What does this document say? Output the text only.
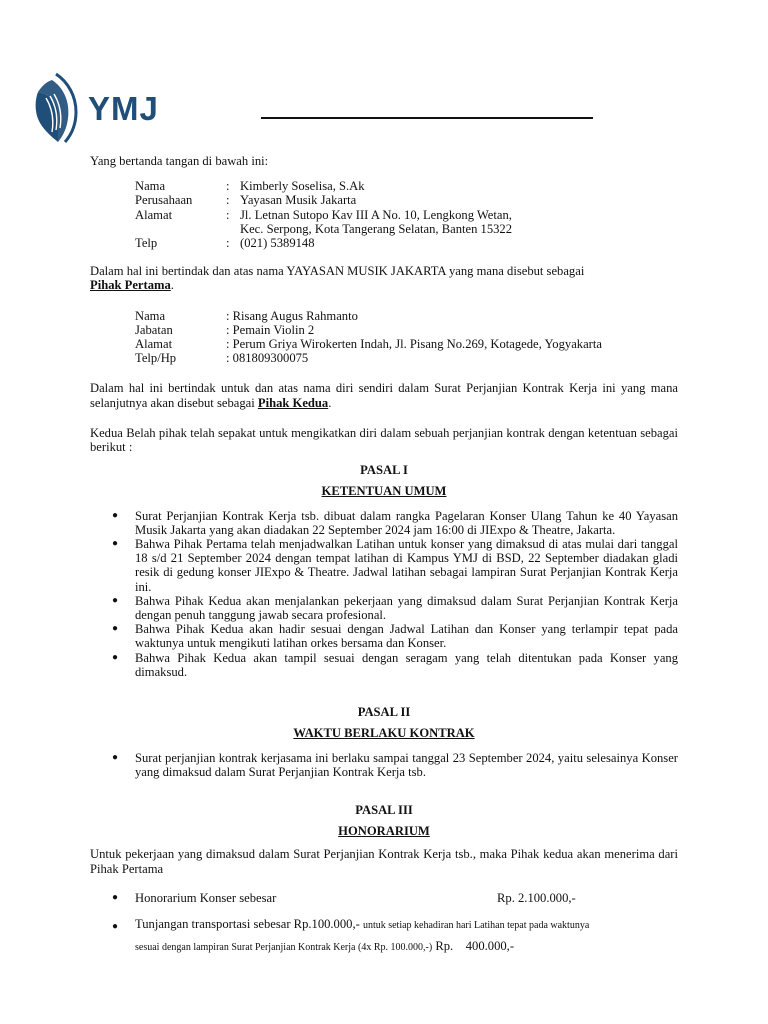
YMJ

Yang bertanda tangan di bawah ini:

Nama	: Kimberly Soselisa, S.Ak
Perusahaan	: Yayasan Musik Jakarta
Alamat	: Jl. Letnan Sutopo Kav III A No. 10, Lengkong Wetan,
Kec. Serpong, Kota Tangerang Selatan, Banten 15322
Telp	: (021) 5389148

Dalam hal ini bertindak dan atas nama YAYASAN MUSIK JAKARTA yang mana disebut sebagai
Pihak Pertama.

Nama	: Risang Augus Rahmanto
Jabatan	: Pemain Violin 2
Alamat	: Perum Griya Wirokerten Indah, Jl. Pisang No.269, Kotagede, Yogyakarta
Telp/Hp	: 081809300075

Dalam hal ini bertindak untuk dan atas nama diri sendiri dalam Surat Perjanjian Kontrak Kerja ini yang mana selanjutnya akan disebut sebagai Pihak Kedua.

Kedua Belah pihak telah sepakat untuk mengikatkan diri dalam sebuah perjanjian kontrak dengan ketentuan sebagai berikut :

PASAL I

KETENTUAN UMUM

● Surat Perjanjian Kontrak Kerja tsb. dibuat dalam rangka Pagelaran Konser Ulang Tahun ke 40 Yayasan Musik Jakarta yang akan diadakan 22 September 2024 jam 16:00 di JIExpo & Theatre, Jakarta.
● Bahwa Pihak Pertama telah menjadwalkan Latihan untuk konser yang dimaksud di atas mulai dari tanggal 18 s/d 21 September 2024 dengan tempat latihan di Kampus YMJ di BSD, 22 September diadakan gladi resik di gedung konser JIExpo & Theatre. Jadwal latihan sebagai lampiran Surat Perjanjian Kontrak Kerja ini.
● Bahwa Pihak Kedua akan menjalankan pekerjaan yang dimaksud dalam Surat Perjanjian Kontrak Kerja dengan penuh tanggung jawab secara profesional.
● Bahwa Pihak Kedua akan hadir sesuai dengan Jadwal Latihan dan Konser yang terlampir tepat pada waktunya untuk mengikuti latihan orkes bersama dan Konser.
● Bahwa Pihak Kedua akan tampil sesuai dengan seragam yang telah ditentukan pada Konser yang dimaksud.

PASAL II

WAKTU BERLAKU KONTRAK

● Surat perjanjian kontrak kerjasama ini berlaku sampai tanggal 23 September 2024, yaitu selesainya Konser yang dimaksud dalam Surat Perjanjian Kontrak Kerja tsb.

PASAL III

HONORARIUM

Untuk pekerjaan yang dimaksud dalam Surat Perjanjian Kontrak Kerja tsb., maka Pihak kedua akan menerima dari Pihak Pertama

● Honorarium Konser sebesar	Rp. 2.100.000,-
● Tunjangan transportasi sebesar Rp.100.000,- untuk setiap kehadiran hari Latihan tepat pada waktunya
sesuai dengan lampiran Surat Perjanjian Kontrak Kerja (4x Rp. 100.000,-) Rp.    400.000,-
